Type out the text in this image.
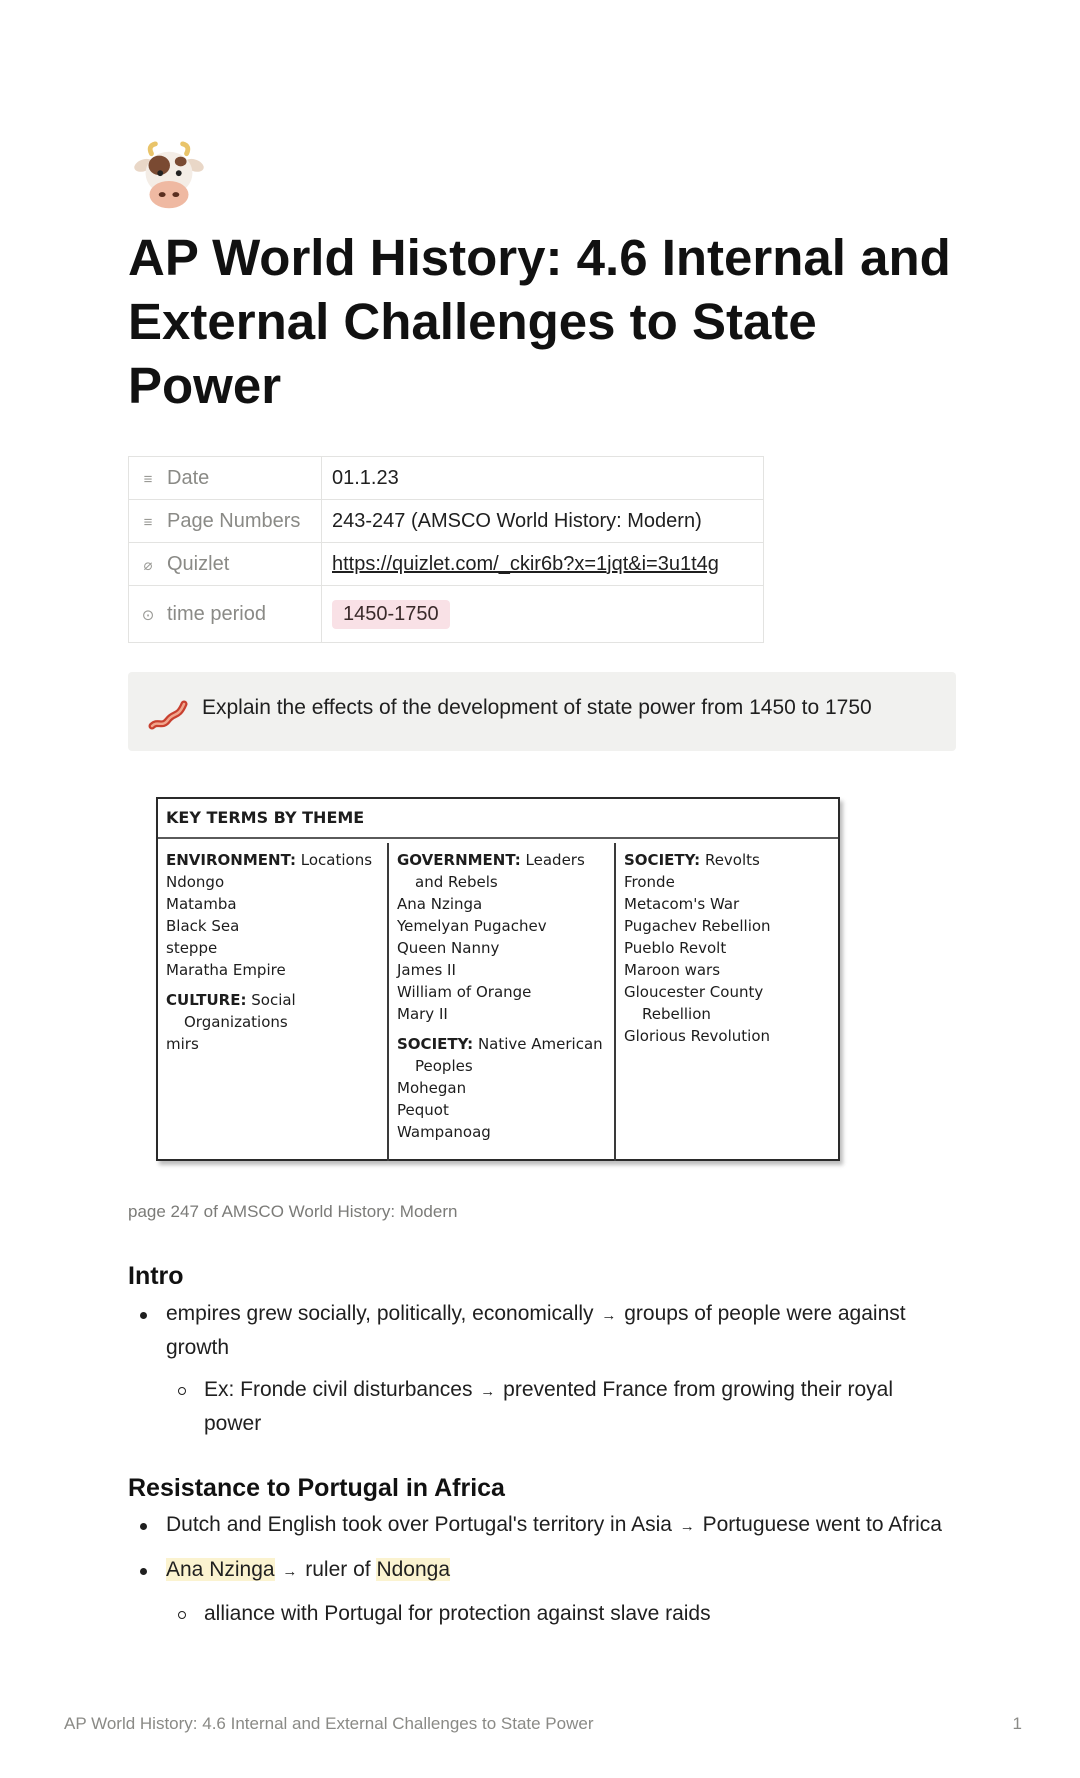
AP World History: 4.6 Internal and External Challenges to State Power
≡ Date	01.1.23
≡ Page Numbers	243-247 (AMSCO World History: Modern)
⌀ Quizlet	https://quizlet.com/_ckir6b?x=1jqt&i=3u1t4g
⊙ time period	1450-1750
Explain the effects of the development of state power from 1450 to 1750
KEY TERMS BY THEME
ENVIRONMENT: Locations
Ndongo
Matamba
Black Sea
steppe
Maratha Empire
CULTURE: Social
Organizations
mirs
GOVERNMENT: Leaders
and Rebels
Ana Nzinga
Yemelyan Pugachev
Queen Nanny
James II
William of Orange
Mary II
SOCIETY: Native American
Peoples
Mohegan
Pequot
Wampanoag
SOCIETY: Revolts
Fronde
Metacom's War
Pugachev Rebellion
Pueblo Revolt
Maroon wars
Gloucester County
Rebellion
Glorious Revolution
page 247 of AMSCO World History: Modern
Intro
empires grew socially, politically, economically → groups of people were against
growth
Ex: Fronde civil disturbances → prevented France from growing their royal
power
Resistance to Portugal in Africa
Dutch and English took over Portugal's territory in Asia → Portuguese went to Africa
Ana Nzinga → ruler of Ndonga
alliance with Portugal for protection against slave raids
AP World History: 4.6 Internal and External Challenges to State Power	1
